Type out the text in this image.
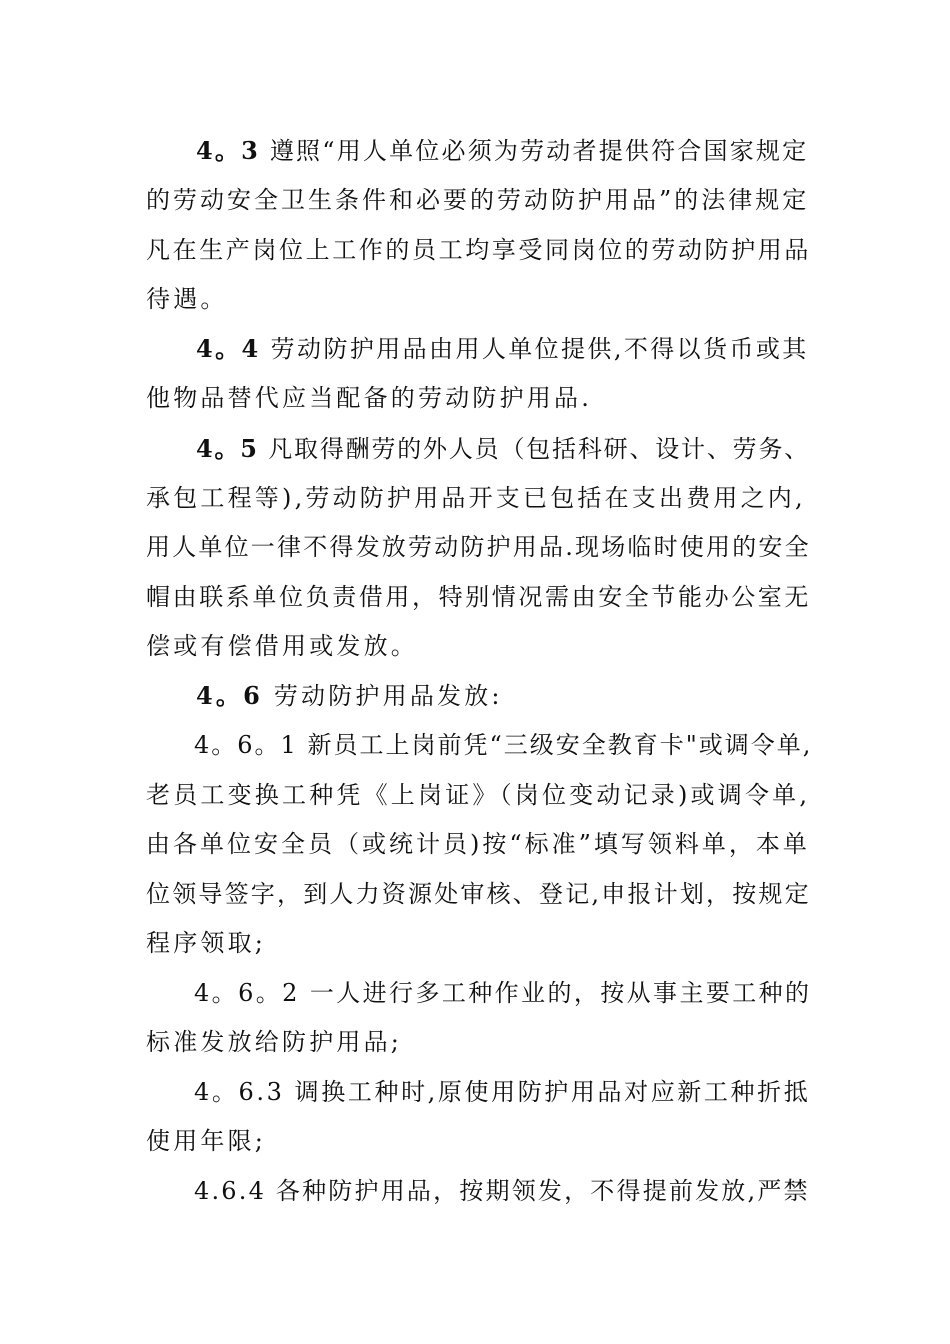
4。3 遵照“用人单位必须为劳动者提供符合国家规定
的劳动安全卫生条件和必要的劳动防护用品”的法律规定
凡在生产岗位上工作的员工均享受同岗位的劳动防护用品
待遇。
4。4 劳动防护用品由用人单位提供,不得以货币或其
他物品替代应当配备的劳动防护用品.
4。5 凡取得酬劳的外人员（包括科研、设计、劳务、
承包工程等),劳动防护用品开支已包括在支出费用之内,
用人单位一律不得发放劳动防护用品.现场临时使用的安全
帽由联系单位负责借用，特别情况需由安全节能办公室无
偿或有偿借用或发放。
4。6 劳动防护用品发放:
4。6。1 新员工上岗前凭“三级安全教育卡"或调令单,
老员工变换工种凭《上岗证》（岗位变动记录)或调令单,
由各单位安全员（或统计员)按“标准”填写领料单，本单
位领导签字，到人力资源处审核、登记,申报计划，按规定
程序领取;
4。6。2 一人进行多工种作业的，按从事主要工种的
标准发放给防护用品;
4。6.3 调换工种时,原使用防护用品对应新工种折抵
使用年限;
4.6.4 各种防护用品，按期领发，不得提前发放,严禁
